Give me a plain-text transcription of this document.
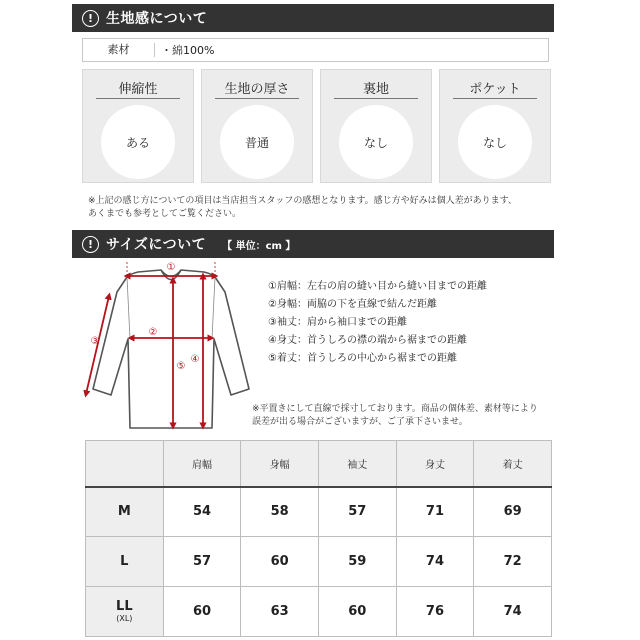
! 生地感について
素材	・綿100%
伸縮性
ある
生地の厚さ
普通
裏地
なし
ポケット
なし
※上記の感じ方についての項目は当店担当スタッフの感想となります。感じ方や好みは個人差があります、
あくまでも参考としてご覧ください。
! サイズについて 【 単位：cm 】
①
②
③
④
⑤
①肩幅：左右の肩の縫い目から縫い目までの距離
②身幅：両脇の下を直線で結んだ距離
③袖丈：肩から袖口までの距離
④身丈：首うしろの襟の端から裾までの距離
⑤着丈：首うしろの中心から裾までの距離
※平置きにして直線で採寸しております。商品の個体差、素材等により
誤差が出る場合がございますが、ご了承下さいませ。
	肩幅	身幅	袖丈	身丈	着丈

M	54	58	57	71	69

L	57	60	59	74	72

LL
(XL)	60	63	60	76	74
